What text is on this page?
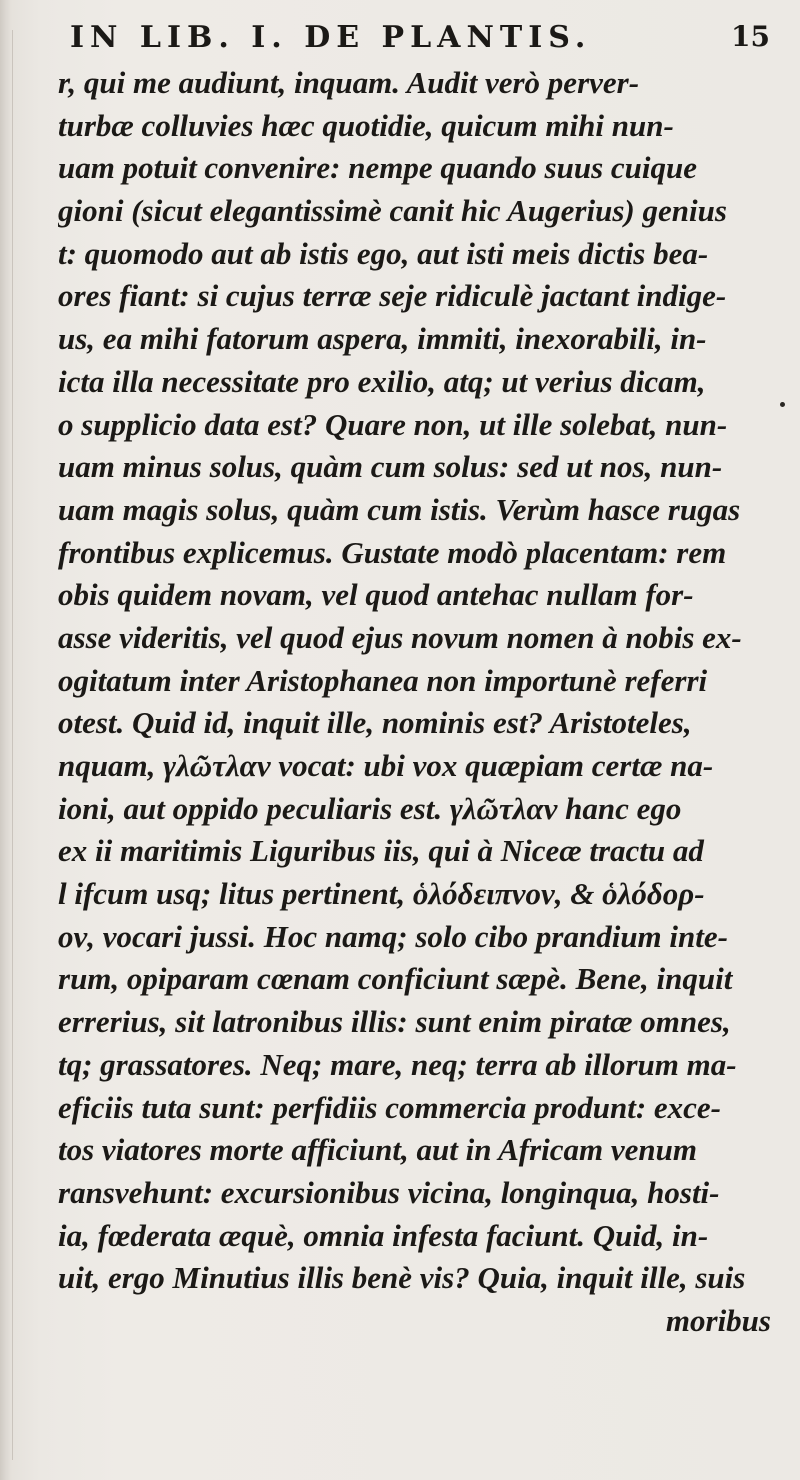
IN LIB. I. DE PLANTIS.	15
r, qui me audiunt, inquam. Audit verò perver-
turbæ colluvies hæc quotidie, quicum mihi nun-
uam potuit convenire: nempe quando suus cuique
gioni (sicut elegantissimè canit hic Augerius) genius
t: quomodo aut ab istis ego, aut isti meis dictis bea-
ores fiant: si cujus terræ seje ridiculè jactant indige-
us, ea mihi fatorum aspera, immiti, inexorabili, in-
icta illa necessitate pro exilio, atq; ut verius dicam,
o supplicio data est? Quare non, ut ille solebat, nun-
uam minus solus, quàm cum solus: sed ut nos, nun-
uam magis solus, quàm cum istis. Verùm hasce rugas
frontibus explicemus. Gustate modò placentam: rem
obis quidem novam, vel quod antehac nullam for-
asse videritis, vel quod ejus novum nomen à nobis ex-
ogitatum inter Aristophanea non importunè referri
otest. Quid id, inquit ille, nominis est? Aristoteles,
nquam, γλῶτλαν vocat: ubi vox quæpiam certæ na-
ioni, aut oppido peculiaris est. γλῶτλαν hanc ego
ex ii maritimis Liguribus iis, qui à Niceæ tractu ad
l ifcum usq; litus pertinent, ὁλόδειπνον, & ὁλόδορ-
ον, vocari jussi. Hoc namq; solo cibo prandium inte-
rum, opiparam cœnam conficiunt sæpè. Bene, inquit
errerius, sit latronibus illis: sunt enim piratæ omnes,
tq; grassatores. Neq; mare, neq; terra ab illorum ma-
eficiis tuta sunt: perfidiis commercia produnt: exce-
tos viatores morte afficiunt, aut in Africam venum
ransvehunt: excursionibus vicina, longinqua, hosti-
ia, fœderata æquè, omnia infesta faciunt. Quid, in-
uit, ergo Minutius illis benè vis? Quia, inquit ille, suis
moribus
